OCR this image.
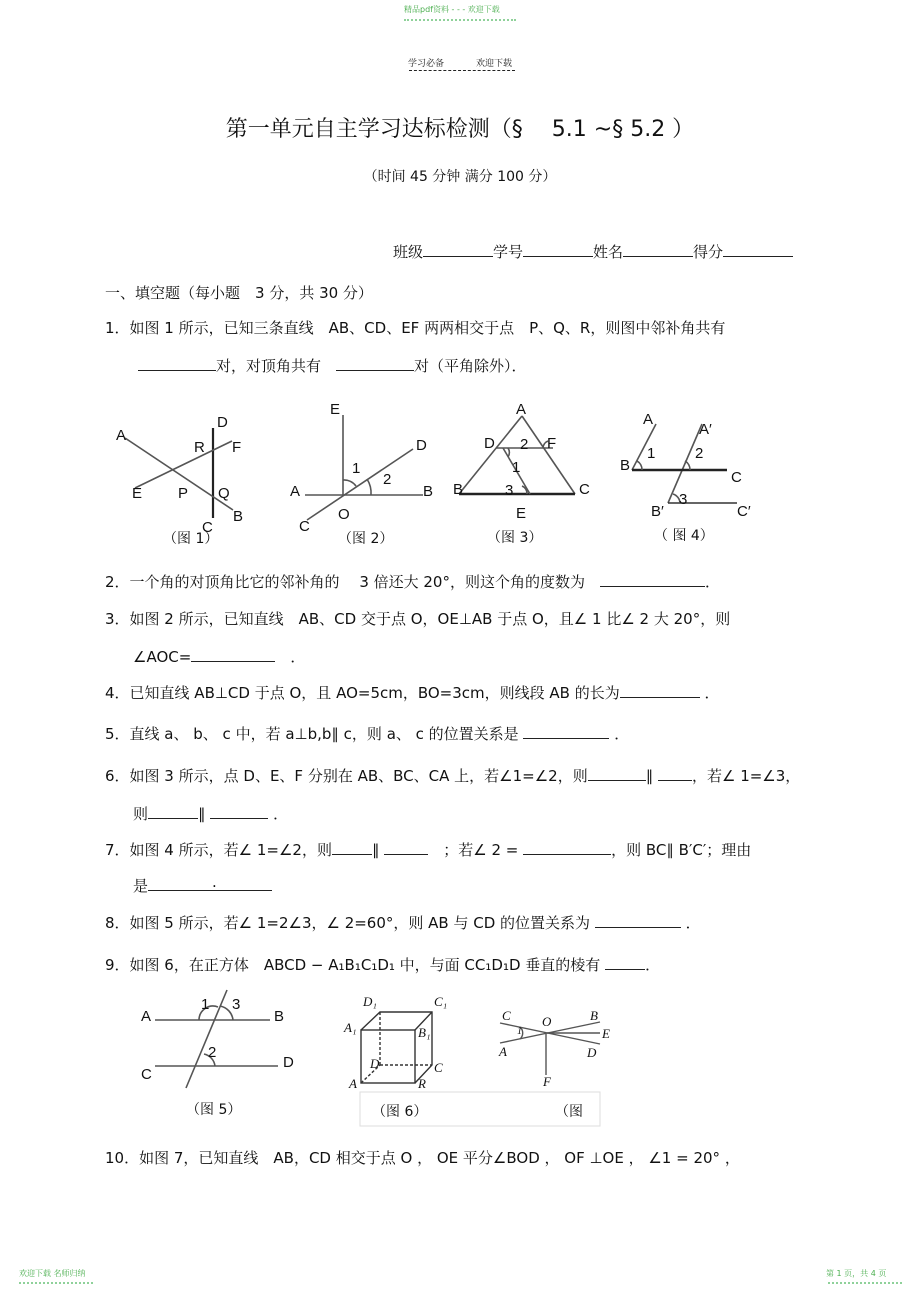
精品pdf资料 - - - 欢迎下载
学习必备	欢迎下载
第一单元自主学习达标检测（§　 5.1 ~§ 5.2 ）
（时间 45 分钟 满分 100 分）
班级	学号	姓名	得分
一、填空题（每小题　3 分，共 30 分）
1．如图 1 所示，已知三条直线　AB、CD、EF 两两相交于点　P、Q、R，则图中邻补角共有
对，对顶角共有　	对（平角除外）．
2．一个角的对顶角比它的邻补角的　 3 倍还大 20°，则这个角的度数为　	．
3．如图 2 所示，已知直线　AB、CD 交于点 O，OE⊥AB 于点 O，且∠ 1 比∠ 2 大 20°，则
∠AOC=　	．
4．已知直线 AB⊥CD 于点 O，且 AO=5cm，BO=3cm，则线段 AB 的长为	．
5．直线 a、 b、 c 中，若 a⊥b,b∥ c，则 a、 c 的位置关系是	．
6．如图 3 所示，点 D、E、F 分别在 AB、BC、CA 上，若∠1=∠2，则	∥	，若∠ 1=∠3，
则	∥	．
7．如图 4 所示，若∠ 1=∠2，则	∥ 　	；若∠ 2 =	，则 BC∥ B′C′；理由
是	.
8．如图 5 所示，若∠ 1=2∠3，∠ 2=60°，则 AB 与 CD 的位置关系为	．
9．如图 6，在正方体　ABCD − A₁B₁C₁D₁ 中，与面 CC₁D₁D 垂直的棱有	．
10．如图 7，已知直线　AB，CD 相交于点 O ， OE 平分∠BOD ， OF ⊥OE ， ∠1 = 20° ，
A
D
R F
E P Q
B
C
E
A	B
D
1
2
O
C
A
D	F
2
1
3
B	C
E
A
A′
B
1	2
C
B′
3
C′
A	B
C
D
1 3
2
D₁	C₁
A₁	B₁
D	C
A	R
C O	B
E
A	D
F
1
（图 1）	（图 2）	（图 3）	（ 图 4）
（图 5）	（图 6）	（图
欢迎下载 名师归纳	第 1 页，共 4 页
